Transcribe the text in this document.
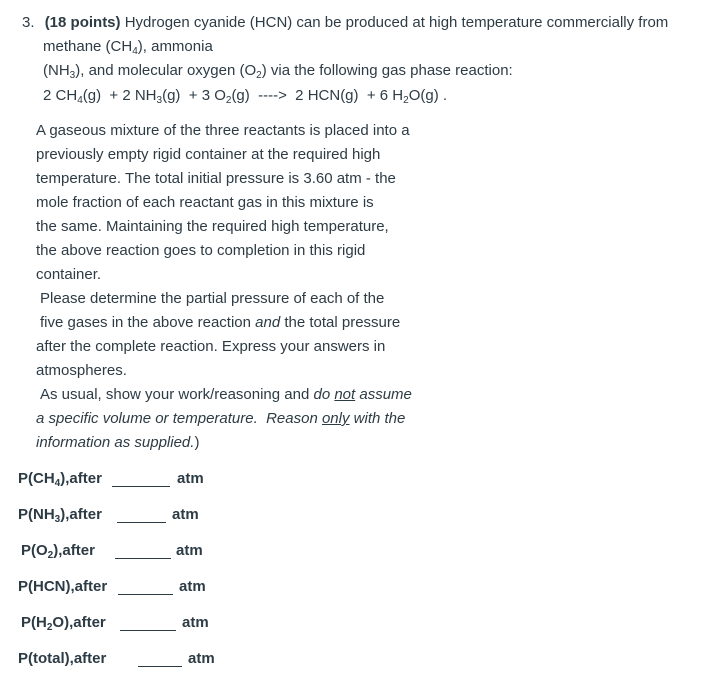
3. (18 points) Hydrogen cyanide (HCN) can be produced at high temperature commercially from
methane $(CH_4)$, ammonia
$(NH_3)$, and molecular oxygen $(O_2)$ via the following gas phase reaction:
2 $CH_4(g) + 2$ $NH_3(g) + 3$ $O_2(g)$  ---->  2 HCN(g)  + 6 $H_2O(g)$ .
A gaseous mixture of the three reactants is placed into a
previously empty rigid container at the required high
temperature. The total initial pressure is 3.60 atm - the
mole fraction of each reactant gas in this mixture is
the same. Maintaining the required high temperature,
the above reaction goes to completion in this rigid
container.
Please determine the partial pressure of each of the
five gases in the above reaction and the total pressure
after the complete reaction. Express your answers in
atmospheres.
As usual, show your work/reasoning and do not assume
a specific volume or temperature.  Reason only with the
information as supplied.)
$P(CH_4),after$	atm
$P(NH_3),after$	atm
$P(O_2),after$	atm
P(HCN),after	atm
$P(H_2O),after$	atm
P(total),after	atm
